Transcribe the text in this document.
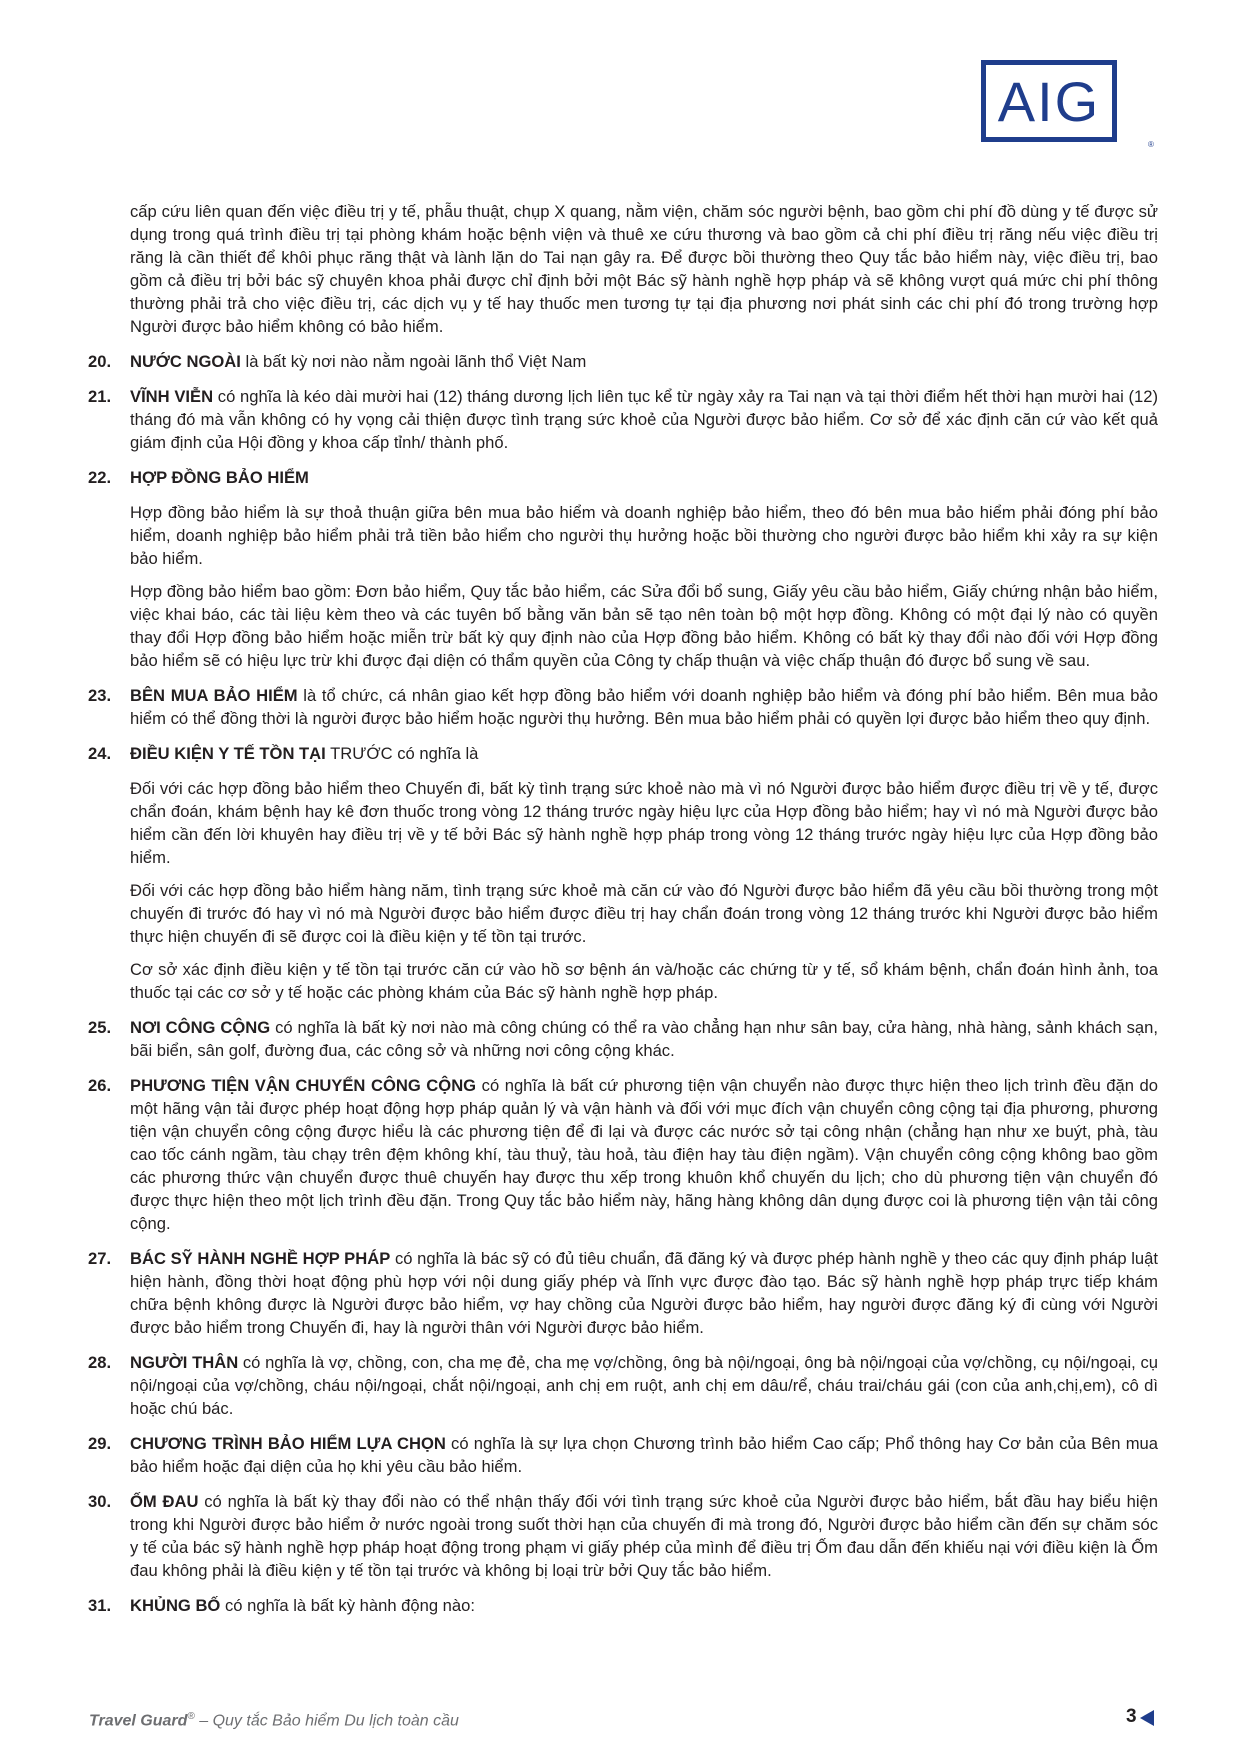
AIG
®

cấp cứu liên quan đến việc điều trị y tế, phẫu thuật, chụp X quang, nằm viện, chăm sóc người bệnh, bao gồm chi phí đồ dùng y tế được sử dụng trong quá trình điều trị tại phòng khám hoặc bệnh viện và thuê xe cứu thương và bao gồm cả chi phí điều trị răng nếu việc điều trị răng là cần thiết để khôi phục răng thật và lành lặn do Tai nạn gây ra. Để được bồi thường theo Quy tắc bảo hiểm này, việc điều trị, bao gồm cả điều trị bởi bác sỹ chuyên khoa phải được chỉ định bởi một Bác sỹ hành nghề hợp pháp và sẽ không vượt quá mức chi phí thông thường phải trả cho việc điều trị, các dịch vụ y tế hay thuốc men tương tự tại địa phương nơi phát sinh các chi phí đó trong trường hợp Người được bảo hiểm không có bảo hiểm.

20. NƯỚC NGOÀI là bất kỳ nơi nào nằm ngoài lãnh thổ Việt Nam

21. VĨNH VIỄN có nghĩa là kéo dài mười hai (12) tháng dương lịch liên tục kể từ ngày xảy ra Tai nạn và tại thời điểm hết thời hạn mười hai (12) tháng đó mà vẫn không có hy vọng cải thiện được tình trạng sức khoẻ của Người được bảo hiểm. Cơ sở để xác định căn cứ vào kết quả giám định của Hội đồng y khoa cấp tỉnh/ thành phố.

22. HỢP ĐỒNG BẢO HIỂM

Hợp đồng bảo hiểm là sự thoả thuận giữa bên mua bảo hiểm và doanh nghiệp bảo hiểm, theo đó bên mua bảo hiểm phải đóng phí bảo hiểm, doanh nghiệp bảo hiểm phải trả tiền bảo hiểm cho người thụ hưởng hoặc bồi thường cho người được bảo hiểm khi xảy ra sự kiện bảo hiểm.

Hợp đồng bảo hiểm bao gồm: Đơn bảo hiểm, Quy tắc bảo hiểm, các Sửa đổi bổ sung, Giấy yêu cầu bảo hiểm, Giấy chứng nhận bảo hiểm, việc khai báo, các tài liệu kèm theo và các tuyên bố bằng văn bản sẽ tạo nên toàn bộ một hợp đồng. Không có một đại lý nào có quyền thay đổi Hợp đồng bảo hiểm hoặc miễn trừ bất kỳ quy định nào của Hợp đồng bảo hiểm. Không có bất kỳ thay đổi nào đối với Hợp đồng bảo hiểm sẽ có hiệu lực trừ khi được đại diện có thẩm quyền của Công ty chấp thuận và việc chấp thuận đó được bổ sung về sau.

23. BÊN MUA BẢO HIỂM là tổ chức, cá nhân giao kết hợp đồng bảo hiểm với doanh nghiệp bảo hiểm và đóng phí bảo hiểm. Bên mua bảo hiểm có thể đồng thời là người được bảo hiểm hoặc người thụ hưởng. Bên mua bảo hiểm phải có quyền lợi được bảo hiểm theo quy định.

24. ĐIỀU KIỆN Y TẾ TỒN TẠI TRƯỚC có nghĩa là

Đối với các hợp đồng bảo hiểm theo Chuyến đi, bất kỳ tình trạng sức khoẻ nào mà vì nó Người được bảo hiểm được điều trị về y tế, được chẩn đoán, khám bệnh hay kê đơn thuốc trong vòng 12 tháng trước ngày hiệu lực của Hợp đồng bảo hiểm; hay vì nó mà Người được bảo hiểm cần đến lời khuyên hay điều trị về y tế bởi Bác sỹ hành nghề hợp pháp trong vòng 12 tháng trước ngày hiệu lực của Hợp đồng bảo hiểm.

Đối với các hợp đồng bảo hiểm hàng năm, tình trạng sức khoẻ mà căn cứ vào đó Người được bảo hiểm đã yêu cầu bồi thường trong một chuyến đi trước đó hay vì nó mà Người được bảo hiểm được điều trị hay chẩn đoán trong vòng 12 tháng trước khi Người được bảo hiểm thực hiện chuyến đi sẽ được coi là điều kiện y tế tồn tại trước.

Cơ sở xác định điều kiện y tế tồn tại trước căn cứ vào hồ sơ bệnh án và/hoặc các chứng từ y tế, sổ khám bệnh, chẩn đoán hình ảnh, toa thuốc tại các cơ sở y tế hoặc các phòng khám của Bác sỹ hành nghề hợp pháp.

25. NƠI CÔNG CỘNG có nghĩa là bất kỳ nơi nào mà công chúng có thể ra vào chẳng hạn như sân bay, cửa hàng, nhà hàng, sảnh khách sạn, bãi biển, sân golf, đường đua, các công sở và những nơi công cộng khác.

26. PHƯƠNG TIỆN VẬN CHUYỂN CÔNG CỘNG có nghĩa là bất cứ phương tiện vận chuyển nào được thực hiện theo lịch trình đều đặn do một hãng vận tải được phép hoạt động hợp pháp quản lý và vận hành và đối với mục đích vận chuyển công cộng tại địa phương, phương tiện vận chuyển công cộng được hiểu là các phương tiện để đi lại và được các nước sở tại công nhận (chẳng hạn như xe buýt, phà, tàu cao tốc cánh ngầm, tàu chạy trên đệm không khí, tàu thuỷ, tàu hoả, tàu điện hay tàu điện ngầm). Vận chuyển công cộng không bao gồm các phương thức vận chuyển được thuê chuyến hay được thu xếp trong khuôn khổ chuyến du lịch; cho dù phương tiện vận chuyển đó được thực hiện theo một lịch trình đều đặn. Trong Quy tắc bảo hiểm này, hãng hàng không dân dụng được coi là phương tiện vận tải công cộng.

27. BÁC SỸ HÀNH NGHỀ HỢP PHÁP có nghĩa là bác sỹ có đủ tiêu chuẩn, đã đăng ký và được phép hành nghề y theo các quy định pháp luật hiện hành, đồng thời hoạt động phù hợp với nội dung giấy phép và lĩnh vực được đào tạo. Bác sỹ hành nghề hợp pháp trực tiếp khám chữa bệnh không được là Người được bảo hiểm, vợ hay chồng của Người được bảo hiểm, hay người được đăng ký đi cùng với Người được bảo hiểm trong Chuyến đi, hay là người thân với Người được bảo hiểm.

28. NGƯỜI THÂN có nghĩa là vợ, chồng, con, cha mẹ đẻ, cha mẹ vợ/chồng, ông bà nội/ngoại, ông bà nội/ngoại của vợ/chồng, cụ nội/ngoại, cụ nội/ngoại của vợ/chồng, cháu nội/ngoại, chắt nội/ngoại, anh chị em ruột, anh chị em dâu/rể, cháu trai/cháu gái (con của anh,chị,em), cô dì hoặc chú bác.

29. CHƯƠNG TRÌNH BẢO HIỂM LỰA CHỌN có nghĩa là sự lựa chọn Chương trình bảo hiểm Cao cấp; Phổ thông hay Cơ bản của Bên mua bảo hiểm hoặc đại diện của họ khi yêu cầu bảo hiểm.

30. ỐM ĐAU có nghĩa là bất kỳ thay đổi nào có thể nhận thấy đối với tình trạng sức khoẻ của Người được bảo hiểm, bắt đầu hay biểu hiện trong khi Người được bảo hiểm ở nước ngoài trong suốt thời hạn của chuyến đi mà trong đó, Người được bảo hiểm cần đến sự chăm sóc y tế của bác sỹ hành nghề hợp pháp hoạt động trong phạm vi giấy phép của mình để điều trị Ốm đau dẫn đến khiếu nại với điều kiện là Ốm đau không phải là điều kiện y tế tồn tại trước và không bị loại trừ bởi Quy tắc bảo hiểm.

31. KHỦNG BỐ có nghĩa là bất kỳ hành động nào:

Travel Guard® – Quy tắc Bảo hiểm Du lịch toàn cầu	3
